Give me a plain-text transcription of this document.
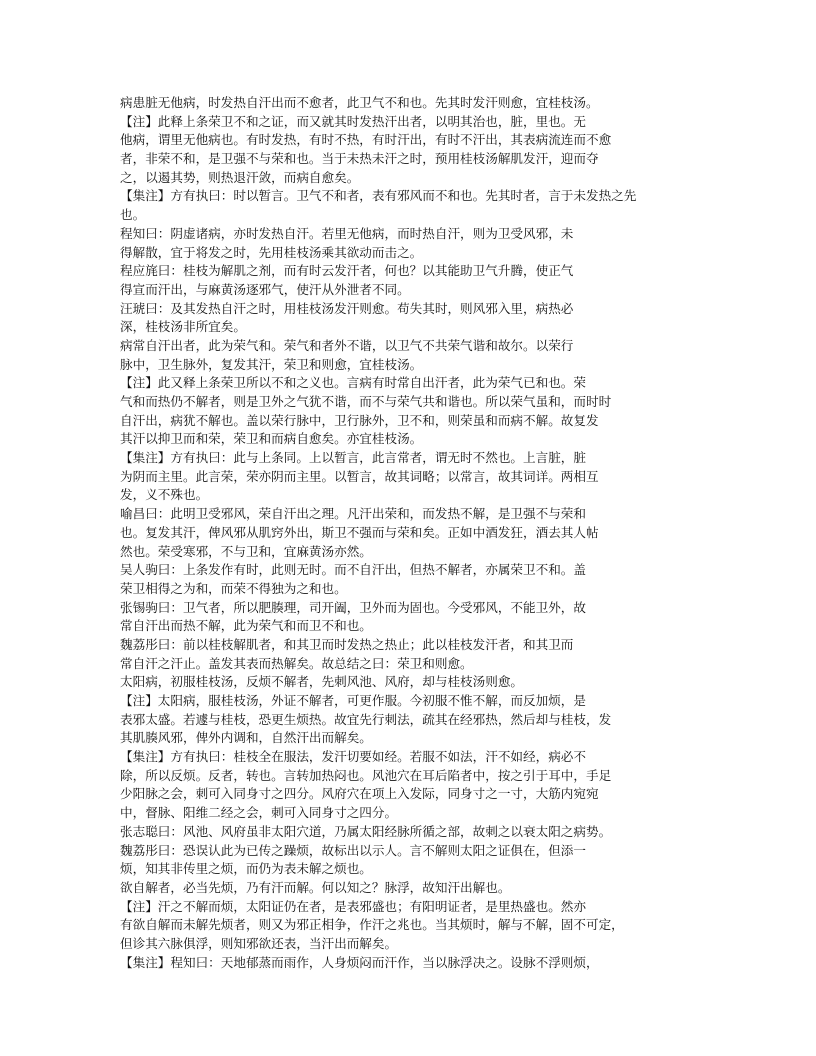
病患脏无他病，时发热自汗出而不愈者，此卫气不和也。先其时发汗则愈，宜桂枝汤。
【注】此释上条荣卫不和之证，而又就其时发热汗出者，以明其治也，脏，里也。无
他病，谓里无他病也。有时发热，有时不热，有时汗出，有时不汗出，其表病流连而不愈
者，非荣不和，是卫强不与荣和也。当于未热未汗之时，预用桂枝汤解肌发汗，迎而夺
之，以遏其势，则热退汗敛，而病自愈矣。
【集注】方有执曰：时以暂言。卫气不和者，表有邪风而不和也。先其时者，言于未发热之先
也。
程知曰：阴虚诸病，亦时发热自汗。若里无他病，而时热自汗，则为卫受风邪，未
得解散，宜于将发之时，先用桂枝汤乘其欲动而击之。
程应旄曰：桂枝为解肌之剂，而有时云发汗者，何也？以其能助卫气升腾，使正气
得宣而汗出，与麻黄汤逐邪气，使汗从外泄者不同。
汪琥曰：及其发热自汗之时，用桂枝汤发汗则愈。苟失其时，则风邪入里，病热必
深，桂枝汤非所宜矣。
病常自汗出者，此为荣气和。荣气和者外不谐，以卫气不共荣气谐和故尔。以荣行
脉中，卫生脉外，复发其汗，荣卫和则愈，宜桂枝汤。
【注】此又释上条荣卫所以不和之义也。言病有时常自出汗者，此为荣气已和也。荣
气和而热仍不解者，则是卫外之气犹不谐，而不与荣气共和谐也。所以荣气虽和，而时时
自汗出，病犹不解也。盖以荣行脉中，卫行脉外，卫不和，则荣虽和而病不解。故复发
其汗以抑卫而和荣，荣卫和而病自愈矣。亦宜桂枝汤。
【集注】方有执曰：此与上条同。上以暂言，此言常者，谓无时不然也。上言脏，脏
为阴而主里。此言荣，荣亦阴而主里。以暂言，故其词略；以常言，故其词详。两相互
发，义不殊也。
喻昌曰：此明卫受邪风，荣自汗出之理。凡汗出荣和，而发热不解，是卫强不与荣和
也。复发其汗，俾风邪从肌窍外出，斯卫不强而与荣和矣。正如中酒发狂，酒去其人帖
然也。荣受寒邪，不与卫和，宜麻黄汤亦然。
吴人驹曰：上条发作有时，此则无时。而不自汗出，但热不解者，亦属荣卫不和。盖
荣卫相得之为和，而荣不得独为之和也。
张锡驹曰：卫气者，所以肥腠理，司开阖，卫外而为固也。今受邪风，不能卫外，故
常自汗出而热不解，此为荣气和而卫不和也。
魏荔彤曰：前以桂枝解肌者，和其卫而时发热之热止；此以桂枝发汗者，和其卫而
常自汗之汗止。盖发其表而热解矣。故总结之曰：荣卫和则愈。
太阳病，初服桂枝汤，反烦不解者，先刺风池、风府，却与桂枝汤则愈。
【注】太阳病，服桂枝汤，外证不解者，可更作服。今初服不惟不解，而反加烦，是
表邪太盛。若遽与桂枝，恐更生烦热。故宜先行刺法，疏其在经邪热，然后却与桂枝，发
其肌腠风邪，俾外内调和，自然汗出而解矣。
【集注】方有执曰：桂枝全在服法，发汗切要如经。若服不如法，汗不如经，病必不
除，所以反烦。反者，转也。言转加热闷也。风池穴在耳后陷者中，按之引于耳中，手足
少阳脉之会，刺可入同身寸之四分。风府穴在项上入发际，同身寸之一寸，大筋内宛宛
中，督脉、阳维二经之会，刺可入同身寸之四分。
张志聪曰：风池、风府虽非太阳穴道，乃属太阳经脉所循之部，故刺之以衰太阳之病势。
魏荔彤曰：恐误认此为已传之躁烦，故标出以示人。言不解则太阳之证俱在，但添一
烦，知其非传里之烦，而仍为表未解之烦也。
欲自解者，必当先烦，乃有汗而解。何以知之？脉浮，故知汗出解也。
【注】汗之不解而烦，太阳证仍在者，是表邪盛也；有阳明证者，是里热盛也。然亦
有欲自解而未解先烦者，则又为邪正相争，作汗之兆也。当其烦时，解与不解，固不可定，
但诊其六脉俱浮，则知邪欲还表，当汗出而解矣。
【集注】程知曰：天地郁蒸而雨作，人身烦闷而汗作，当以脉浮决之。设脉不浮则烦，
